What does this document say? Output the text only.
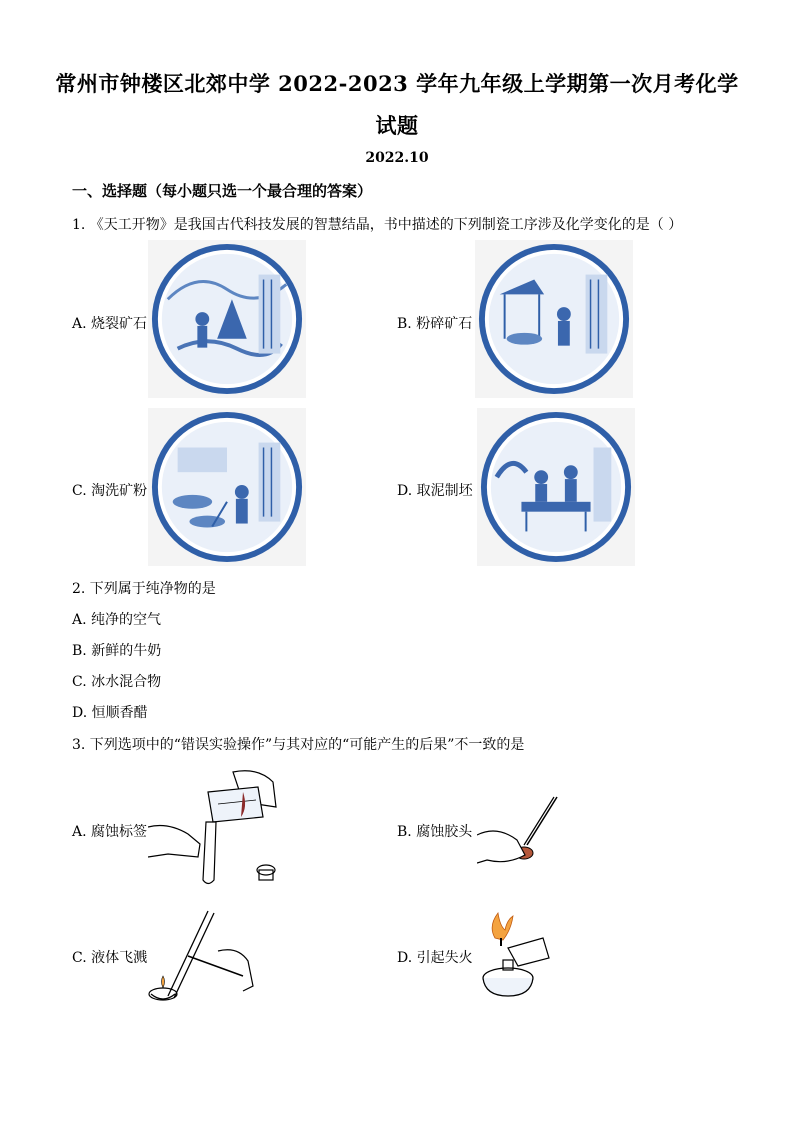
常州市钟楼区北郊中学 2022-2023 学年九年级上学期第一次月考化学
试题
2022.10
一、选择题（每小题只选一个最合理的答案）
1. 《天工开物》是我国古代科技发展的智慧结晶，书中描述的下列制瓷工序涉及化学变化的是（ ）
A. 烧裂矿石	B. 粉碎矿石
C. 淘洗矿粉	D. 取泥制坯
2. 下列属于纯净物的是
A. 纯净的空气
B. 新鲜的牛奶
C. 冰水混合物
D. 恒顺香醋
3. 下列选项中的“错误实验操作”与其对应的“可能产生的后果”不一致的是
A. 腐蚀标签	B. 腐蚀胶头
C. 液体飞溅	D. 引起失火
